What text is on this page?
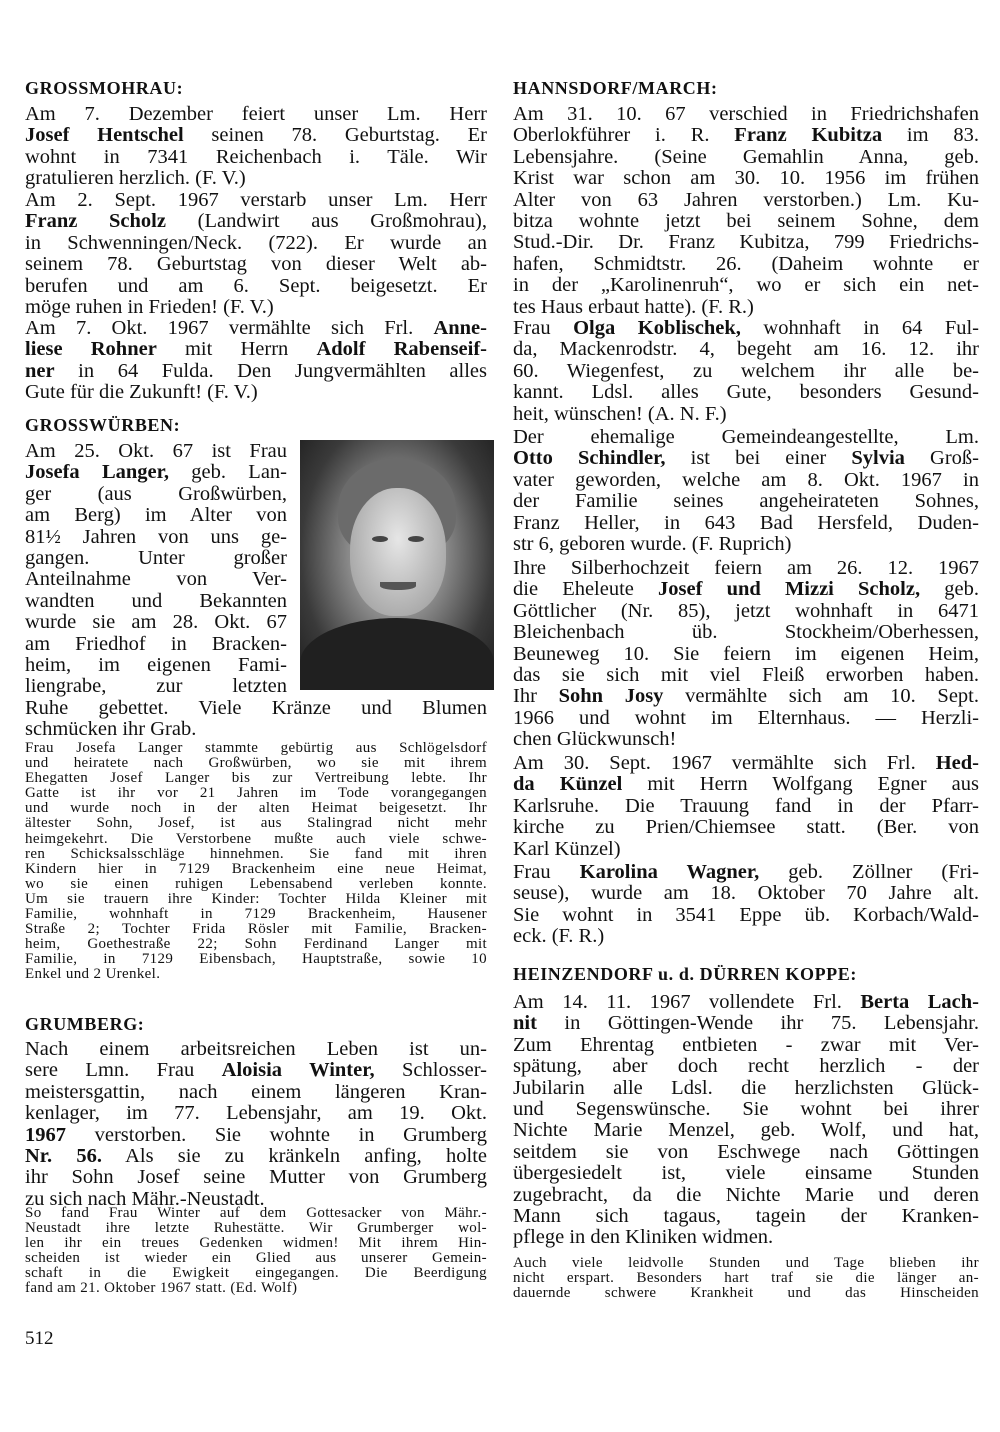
GROSSMOHRAU:
Am 7. Dezember feiert unser Lm. Herr
Josef Hentschel seinen 78. Geburtstag. Er
wohnt in 7341 Reichenbach i. Täle. Wir
gratulieren herzlich. (F. V.)
Am 2. Sept. 1967 verstarb unser Lm. Herr
Franz Scholz (Landwirt aus Großmohrau),
in Schwenningen/Neck. (722). Er wurde an
seinem 78. Geburtstag von dieser Welt ab-
berufen und am 6. Sept. beigesetzt. Er
möge ruhen in Frieden! (F. V.)
Am 7. Okt. 1967 vermählte sich Frl. Anne-
liese Rohner mit Herrn Adolf Rabenseif-
ner in 64 Fulda. Den Jungvermählten alles
Gute für die Zukunft! (F. V.)
GROSSWÜRBEN:
Am 25. Okt. 67 ist Frau
Josefa Langer, geb. Lan-
ger (aus Großwürben,
am Berg) im Alter von
81½ Jahren von uns ge-
gangen. Unter großer
Anteilnahme von Ver-
wandten und Bekannten
wurde sie am 28. Okt. 67
am Friedhof in Bracken-
heim, im eigenen Fami-
liengrabe, zur letzten
Ruhe gebettet. Viele Kränze und Blumen
schmücken ihr Grab.
Frau Josefa Langer stammte gebürtig aus Schlögelsdorf
und heiratete nach Großwürben, wo sie mit ihrem
Ehegatten Josef Langer bis zur Vertreibung lebte. Ihr
Gatte ist ihr vor 21 Jahren im Tode vorangegangen
und wurde noch in der alten Heimat beigesetzt. Ihr
ältester Sohn, Josef, ist aus Stalingrad nicht mehr
heimgekehrt. Die Verstorbene mußte auch viele schwe-
ren Schicksalsschläge hinnehmen. Sie fand mit ihren
Kindern hier in 7129 Brackenheim eine neue Heimat,
wo sie einen ruhigen Lebensabend verleben konnte.
Um sie trauern ihre Kinder: Tochter Hilda Kleiner mit
Familie, wohnhaft in 7129 Brackenheim, Hausener
Straße 2; Tochter Frida Rösler mit Familie, Bracken-
heim, Goethestraße 22; Sohn Ferdinand Langer mit
Familie, in 7129 Eibensbach, Hauptstraße, sowie 10
Enkel und 2 Urenkel.
GRUMBERG:
Nach einem arbeitsreichen Leben ist un-
sere Lmn. Frau Aloisia Winter, Schlosser-
meistersgattin, nach einem längeren Kran-
kenlager, im 77. Lebensjahr, am 19. Okt.
1967 verstorben. Sie wohnte in Grumberg
Nr. 56. Als sie zu kränkeln anfing, holte
ihr Sohn Josef seine Mutter von Grumberg
zu sich nach Mähr.-Neustadt.
So fand Frau Winter auf dem Gottesacker von Mähr.-
Neustadt ihre letzte Ruhestätte. Wir Grumberger wol-
len ihr ein treues Gedenken widmen! Mit ihrem Hin-
scheiden ist wieder ein Glied aus unserer Gemein-
schaft in die Ewigkeit eingegangen. Die Beerdigung
fand am 21. Oktober 1967 statt. (Ed. Wolf)
HANNSDORF/MARCH:
Am 31. 10. 67 verschied in Friedrichshafen
Oberlokführer i. R. Franz Kubitza im 83.
Lebensjahre. (Seine Gemahlin Anna, geb.
Krist war schon am 30. 10. 1956 im frühen
Alter von 63 Jahren verstorben.) Lm. Ku-
bitza wohnte jetzt bei seinem Sohne, dem
Stud.-Dir. Dr. Franz Kubitza, 799 Friedrichs-
hafen, Schmidtstr. 26. (Daheim wohnte er
in der „Karolinenruh“, wo er sich ein net-
tes Haus erbaut hatte). (F. R.)
Frau Olga Koblischek, wohnhaft in 64 Ful-
da, Mackenrodstr. 4, begeht am 16. 12. ihr
60. Wiegenfest, zu welchem ihr alle be-
kannt. Ldsl. alles Gute, besonders Gesund-
heit, wünschen! (A. N. F.)
Der ehemalige Gemeindeangestellte, Lm.
Otto Schindler, ist bei einer Sylvia Groß-
vater geworden, welche am 8. Okt. 1967 in
der Familie seines angeheirateten Sohnes,
Franz Heller, in 643 Bad Hersfeld, Duden-
str 6, geboren wurde. (F. Ruprich)
Ihre Silberhochzeit feiern am 26. 12. 1967
die Eheleute Josef und Mizzi Scholz, geb.
Göttlicher (Nr. 85), jetzt wohnhaft in 6471
Bleichenbach üb. Stockheim/Oberhessen,
Beuneweg 10. Sie feiern im eigenen Heim,
das sie sich mit viel Fleiß erworben haben.
Ihr Sohn Josy vermählte sich am 10. Sept.
1966 und wohnt im Elternhaus. — Herzli-
chen Glückwunsch!
Am 30. Sept. 1967 vermählte sich Frl. Hed-
da Künzel mit Herrn Wolfgang Egner aus
Karlsruhe. Die Trauung fand in der Pfarr-
kirche zu Prien/Chiemsee statt. (Ber. von
Karl Künzel)
Frau Karolina Wagner, geb. Zöllner (Fri-
seuse), wurde am 18. Oktober 70 Jahre alt.
Sie wohnt in 3541 Eppe üb. Korbach/Wald-
eck. (F. R.)
HEINZENDORF u. d. DÜRREN KOPPE:
Am 14. 11. 1967 vollendete Frl. Berta Lach-
nit in Göttingen-Wende ihr 75. Lebensjahr.
Zum Ehrentag entbieten - zwar mit Ver-
spätung, aber doch recht herzlich - der
Jubilarin alle Ldsl. die herzlichsten Glück-
und Segenswünsche. Sie wohnt bei ihrer
Nichte Marie Menzel, geb. Wolf, und hat,
seitdem sie von Eschwege nach Göttingen
übergesiedelt ist, viele einsame Stunden
zugebracht, da die Nichte Marie und deren
Mann sich tagaus, tagein der Kranken-
pflege in den Kliniken widmen.
Auch viele leidvolle Stunden und Tage blieben ihr
nicht erspart. Besonders hart traf sie die länger an-
dauernde schwere Krankheit und das Hinscheiden
512
